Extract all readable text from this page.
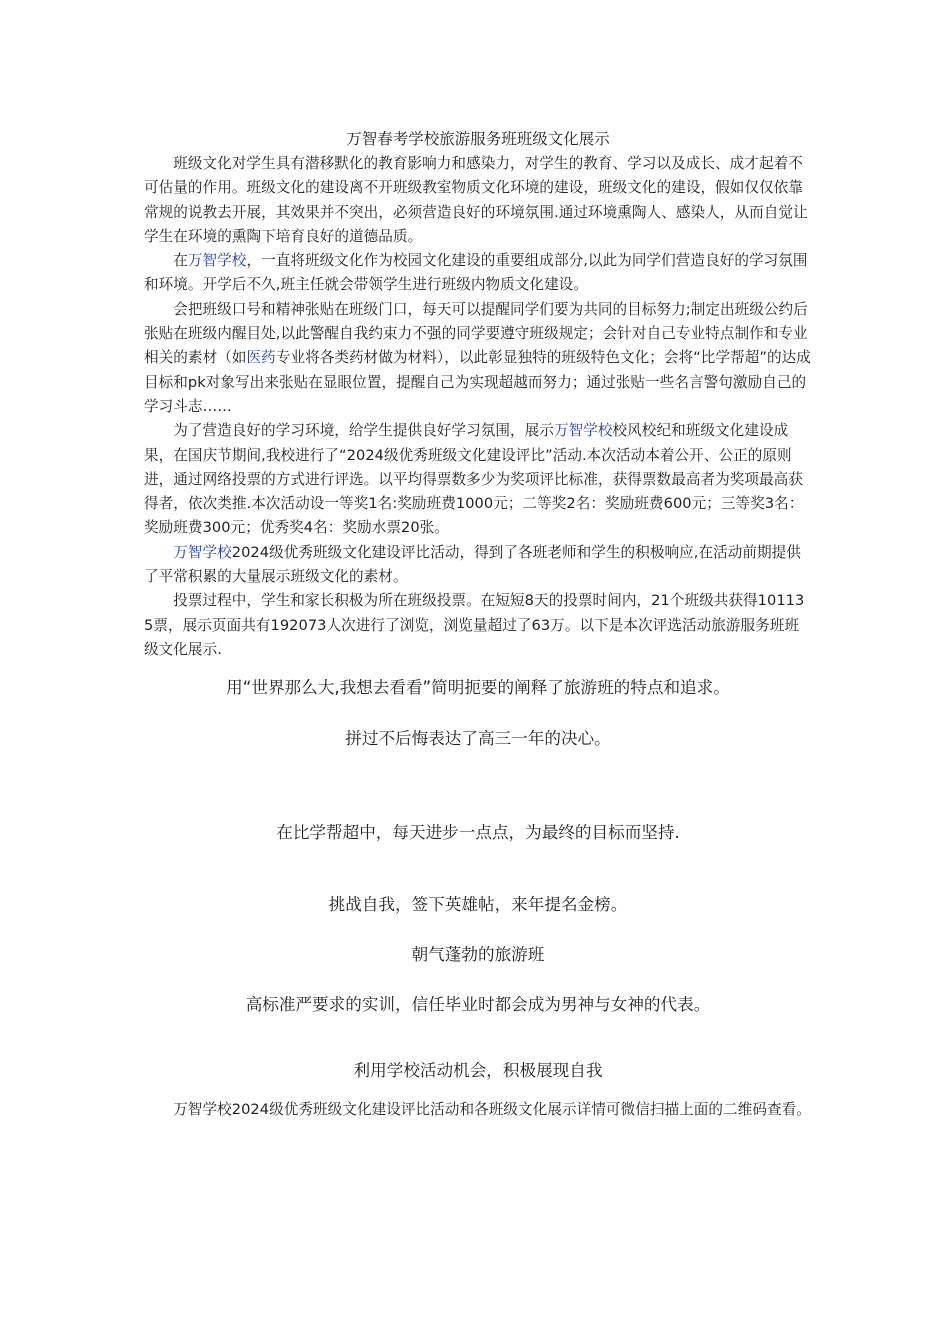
万智春考学校旅游服务班班级文化展示

班级文化对学生具有潜移默化的教育影响力和感染力，对学生的教育、学习以及成长、成才起着不可估量的作用。班级文化的建设离不开班级教室物质文化环境的建设，班级文化的建设，假如仅仅依靠常规的说教去开展，其效果并不突出，必须营造良好的环境氛围.通过环境熏陶人、感染人，从而自觉让学生在环境的熏陶下培育良好的道德品质。

在万智学校，一直将班级文化作为校园文化建设的重要组成部分,以此为同学们营造良好的学习氛围和环境。开学后不久,班主任就会带领学生进行班级内物质文化建设。

会把班级口号和精神张贴在班级门口，每天可以提醒同学们要为共同的目标努力;制定出班级公约后张贴在班级内醒目处,以此警醒自我约束力不强的同学要遵守班级规定；会针对自己专业特点制作和专业相关的素材（如医药专业将各类药材做为材料），以此彰显独特的班级特色文化；会将“比学帮超”的达成目标和pk对象写出来张贴在显眼位置，提醒自己为实现超越而努力；通过张贴一些名言警句激励自己的学习斗志……

为了营造良好的学习环境，给学生提供良好学习氛围，展示万智学校校风校纪和班级文化建设成果，在国庆节期间,我校进行了“2024级优秀班级文化建设评比”活动.本次活动本着公开、公正的原则进，通过网络投票的方式进行评选。以平均得票数多少为奖项评比标准，获得票数最高者为奖项最高获得者，依次类推.本次活动设一等奖1名:奖励班费1000元；二等奖2名：奖励班费600元；三等奖3名：奖励班费300元；优秀奖4名：奖励水票20张。

万智学校2024级优秀班级文化建设评比活动，得到了各班老师和学生的积极响应,在活动前期提供了平常积累的大量展示班级文化的素材。

投票过程中，学生和家长积极为所在班级投票。在短短8天的投票时间内，21个班级共获得101135票，展示页面共有192073人次进行了浏览，浏览量超过了63万。以下是本次评选活动旅游服务班班级文化展示.

用“世界那么大,我想去看看”简明扼要的阐释了旅游班的特点和追求。

拼过不后悔表达了高三一年的决心。

在比学帮超中，每天进步一点点，为最终的目标而坚持.

挑战自我，签下英雄帖，来年提名金榜。

朝气蓬勃的旅游班

高标准严要求的实训，信任毕业时都会成为男神与女神的代表。

利用学校活动机会，积极展现自我

万智学校2024级优秀班级文化建设评比活动和各班级文化展示详情可微信扫描上面的二维码查看。
